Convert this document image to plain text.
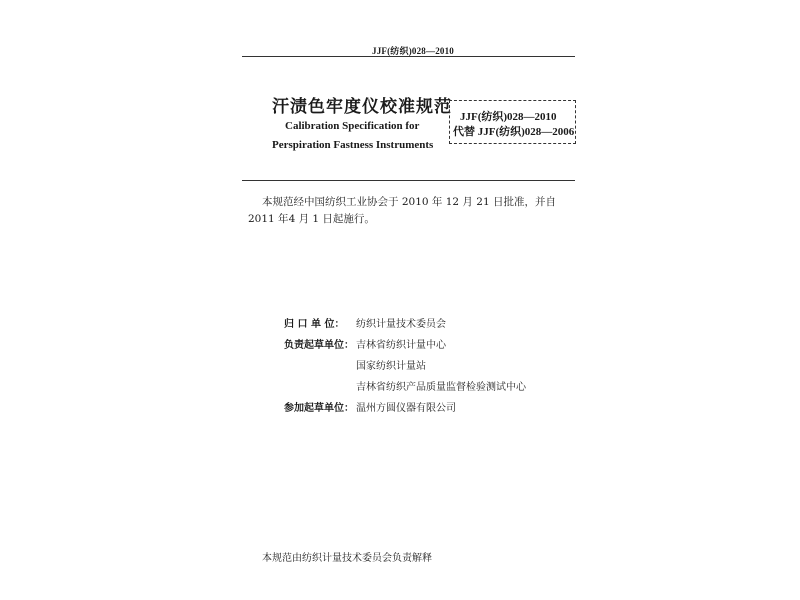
JJF(纺织)028—2010
汗渍色牢度仪校准规范
Calibration Specification for
Perspiration Fastness Instruments
JJF(纺织)028—2010
代替 JJF(纺织)028—2006
本规范经中国纺织工业协会于 2010 年 12 月 21 日批准，并自 2011 年4 月 1 日起施行。
归 口 单 位： 纺织计量技术委员会
负责起草单位： 吉林省纺织计量中心
国家纺织计量站
吉林省纺织产品质量监督检验测试中心
参加起草单位： 温州方圆仪器有限公司
本规范由纺织计量技术委员会负责解释
